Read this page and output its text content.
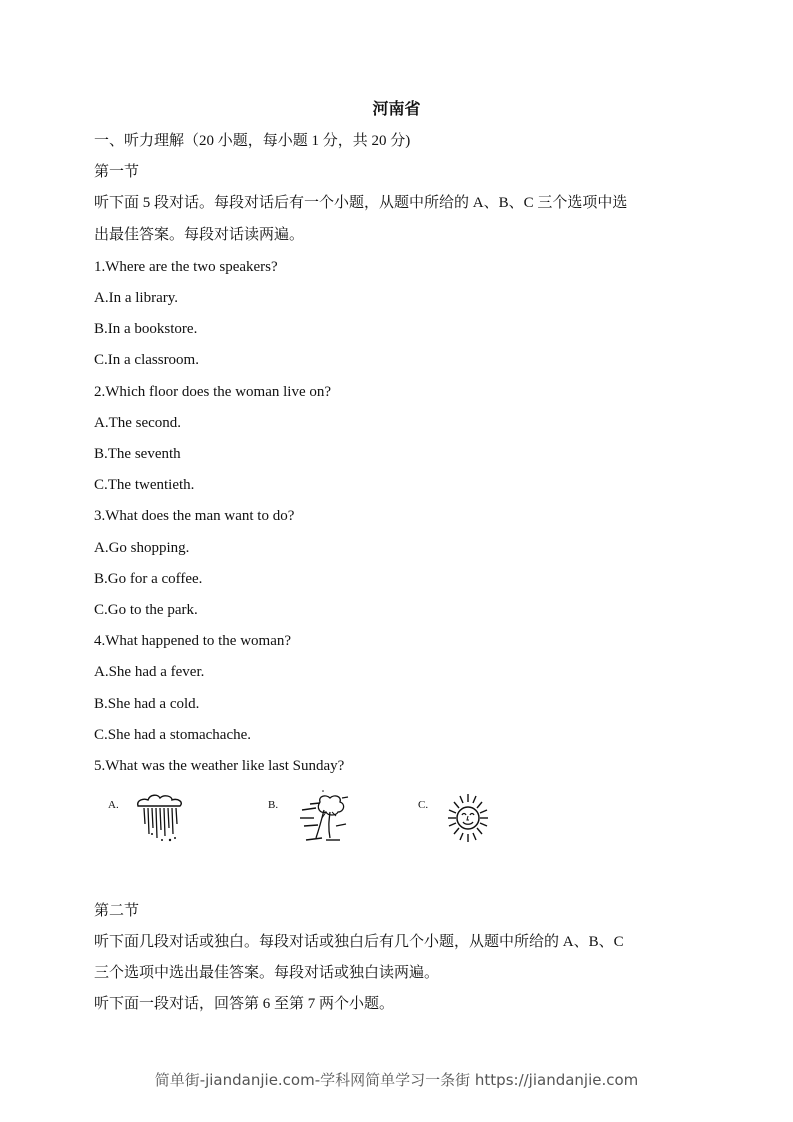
河南省
一、听力理解（20 小题，每小题 1 分，共 20 分)
第一节
听下面 5 段对话。每段对话后有一个小题，从题中所给的 A、B、C 三个选项中选
出最佳答案。每段对话读两遍。
1.Where are the two speakers?
A.In a library.
B.In a bookstore.
C.In a classroom.
2.Which floor does the woman live on?
A.The second.
B.The seventh
C.The twentieth.
3.What does the man want to do?
A.Go shopping.
B.Go for a coffee.
C.Go to the park.
4.What happened to the woman?
A.She had a fever.
B.She had a cold.
C.She had a stomachache.
5.What was the weather like last Sunday?
A.	B.	C.
第二节
听下面几段对话或独白。每段对话或独白后有几个小题，从题中所给的 A、B、C
三个选项中选出最佳答案。每段对话或独白读两遍。
听下面一段对话，回答第 6 至第 7 两个小题。
简单街-jiandanjie.com-学科网简单学习一条街 https://jiandanjie.com
